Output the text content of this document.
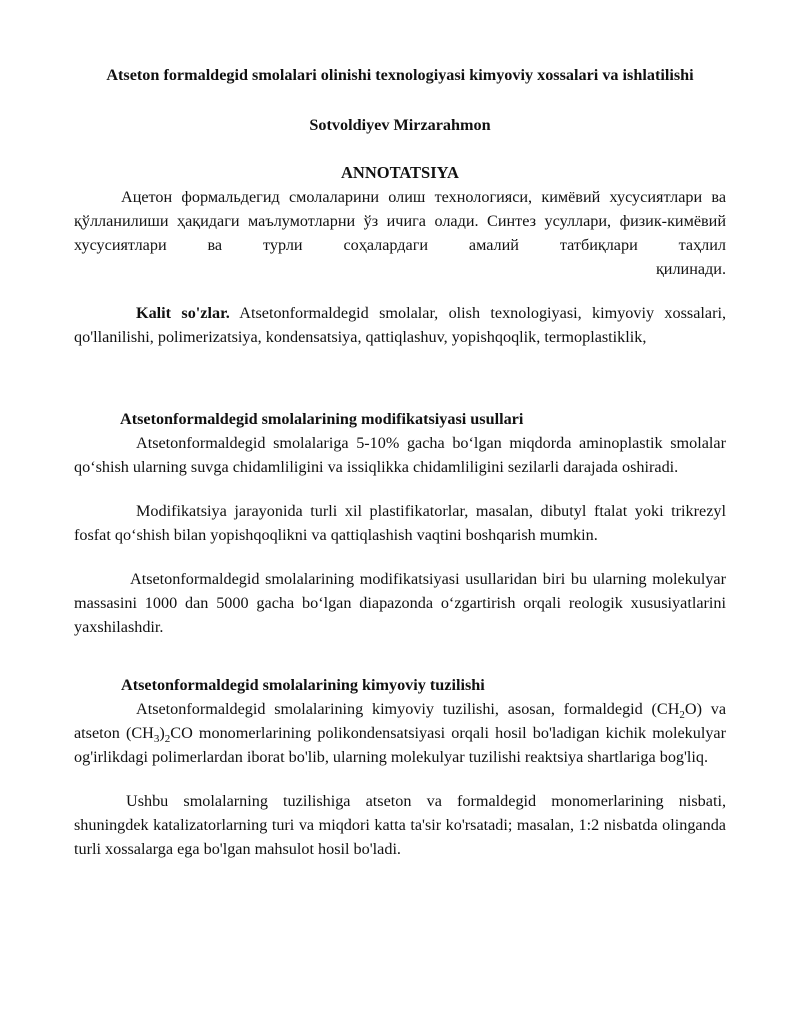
Atseton formaldegid smolalari olinishi texnologiyasi kimyoviy xossalari va ishlatilishi
Sotvoldiyev Mirzarahmon
ANNOTATSIYA

Ацетон формальдегид смолаларини олиш технологияси, кимёвий хусусиятлари ва қўлланилиши ҳақидаги маълумотларни ўз ичига олади. Синтез усуллари, физик-кимёвий хусусиятлари ва турли соҳалардаги амалий татбиқлари таҳлил

қилинади.

Kalit so'zlar. Atsetonformaldegid smolalar, olish texnologiyasi, kimyoviy xossalari, qo'llanilishi, polimerizatsiya, kondensatsiya, qattiqlashuv, yopishqoqlik, termoplastiklik,

Atsetonformaldegid smolalarining modifikatsiyasi usullari

Atsetonformaldegid smolalariga 5-10% gacha bo‘lgan miqdorda aminoplastik smolalar qo‘shish ularning suvga chidamliligini va issiqlikka chidamliligini sezilarli darajada oshiradi.

Modifikatsiya jarayonida turli xil plastifikatorlar, masalan, dibutyl ftalat yoki trikrezyl fosfat qo‘shish bilan yopishqoqlikni va qattiqlashish vaqtini boshqarish mumkin.

Atsetonformaldegid smolalarining modifikatsiyasi usullaridan biri bu ularning molekulyar massasini 1000 dan 5000 gacha bo‘lgan diapazonda o‘zgartirish orqali reologik xususiyatlarini yaxshilashdir.

Atsetonformaldegid smolalarining kimyoviy tuzilishi

Atsetonformaldegid smolalarining kimyoviy tuzilishi, asosan, formaldegid $(CH_2O)$ va atseton $(CH_3)_2CO$ monomerlarining polikondensatsiyasi orqali hosil bo'ladigan kichik molekulyar og'irlikdagi polimerlardan iborat bo'lib, ularning molekulyar tuzilishi reaktsiya shartlariga bog'liq.

Ushbu smolalarning tuzilishiga atseton va formaldegid monomerlarining nisbati, shuningdek katalizatorlarning turi va miqdori katta ta'sir ko'rsatadi; masalan, 1:2 nisbatda olinganda turli xossalarga ega bo'lgan mahsulot hosil bo'ladi.
